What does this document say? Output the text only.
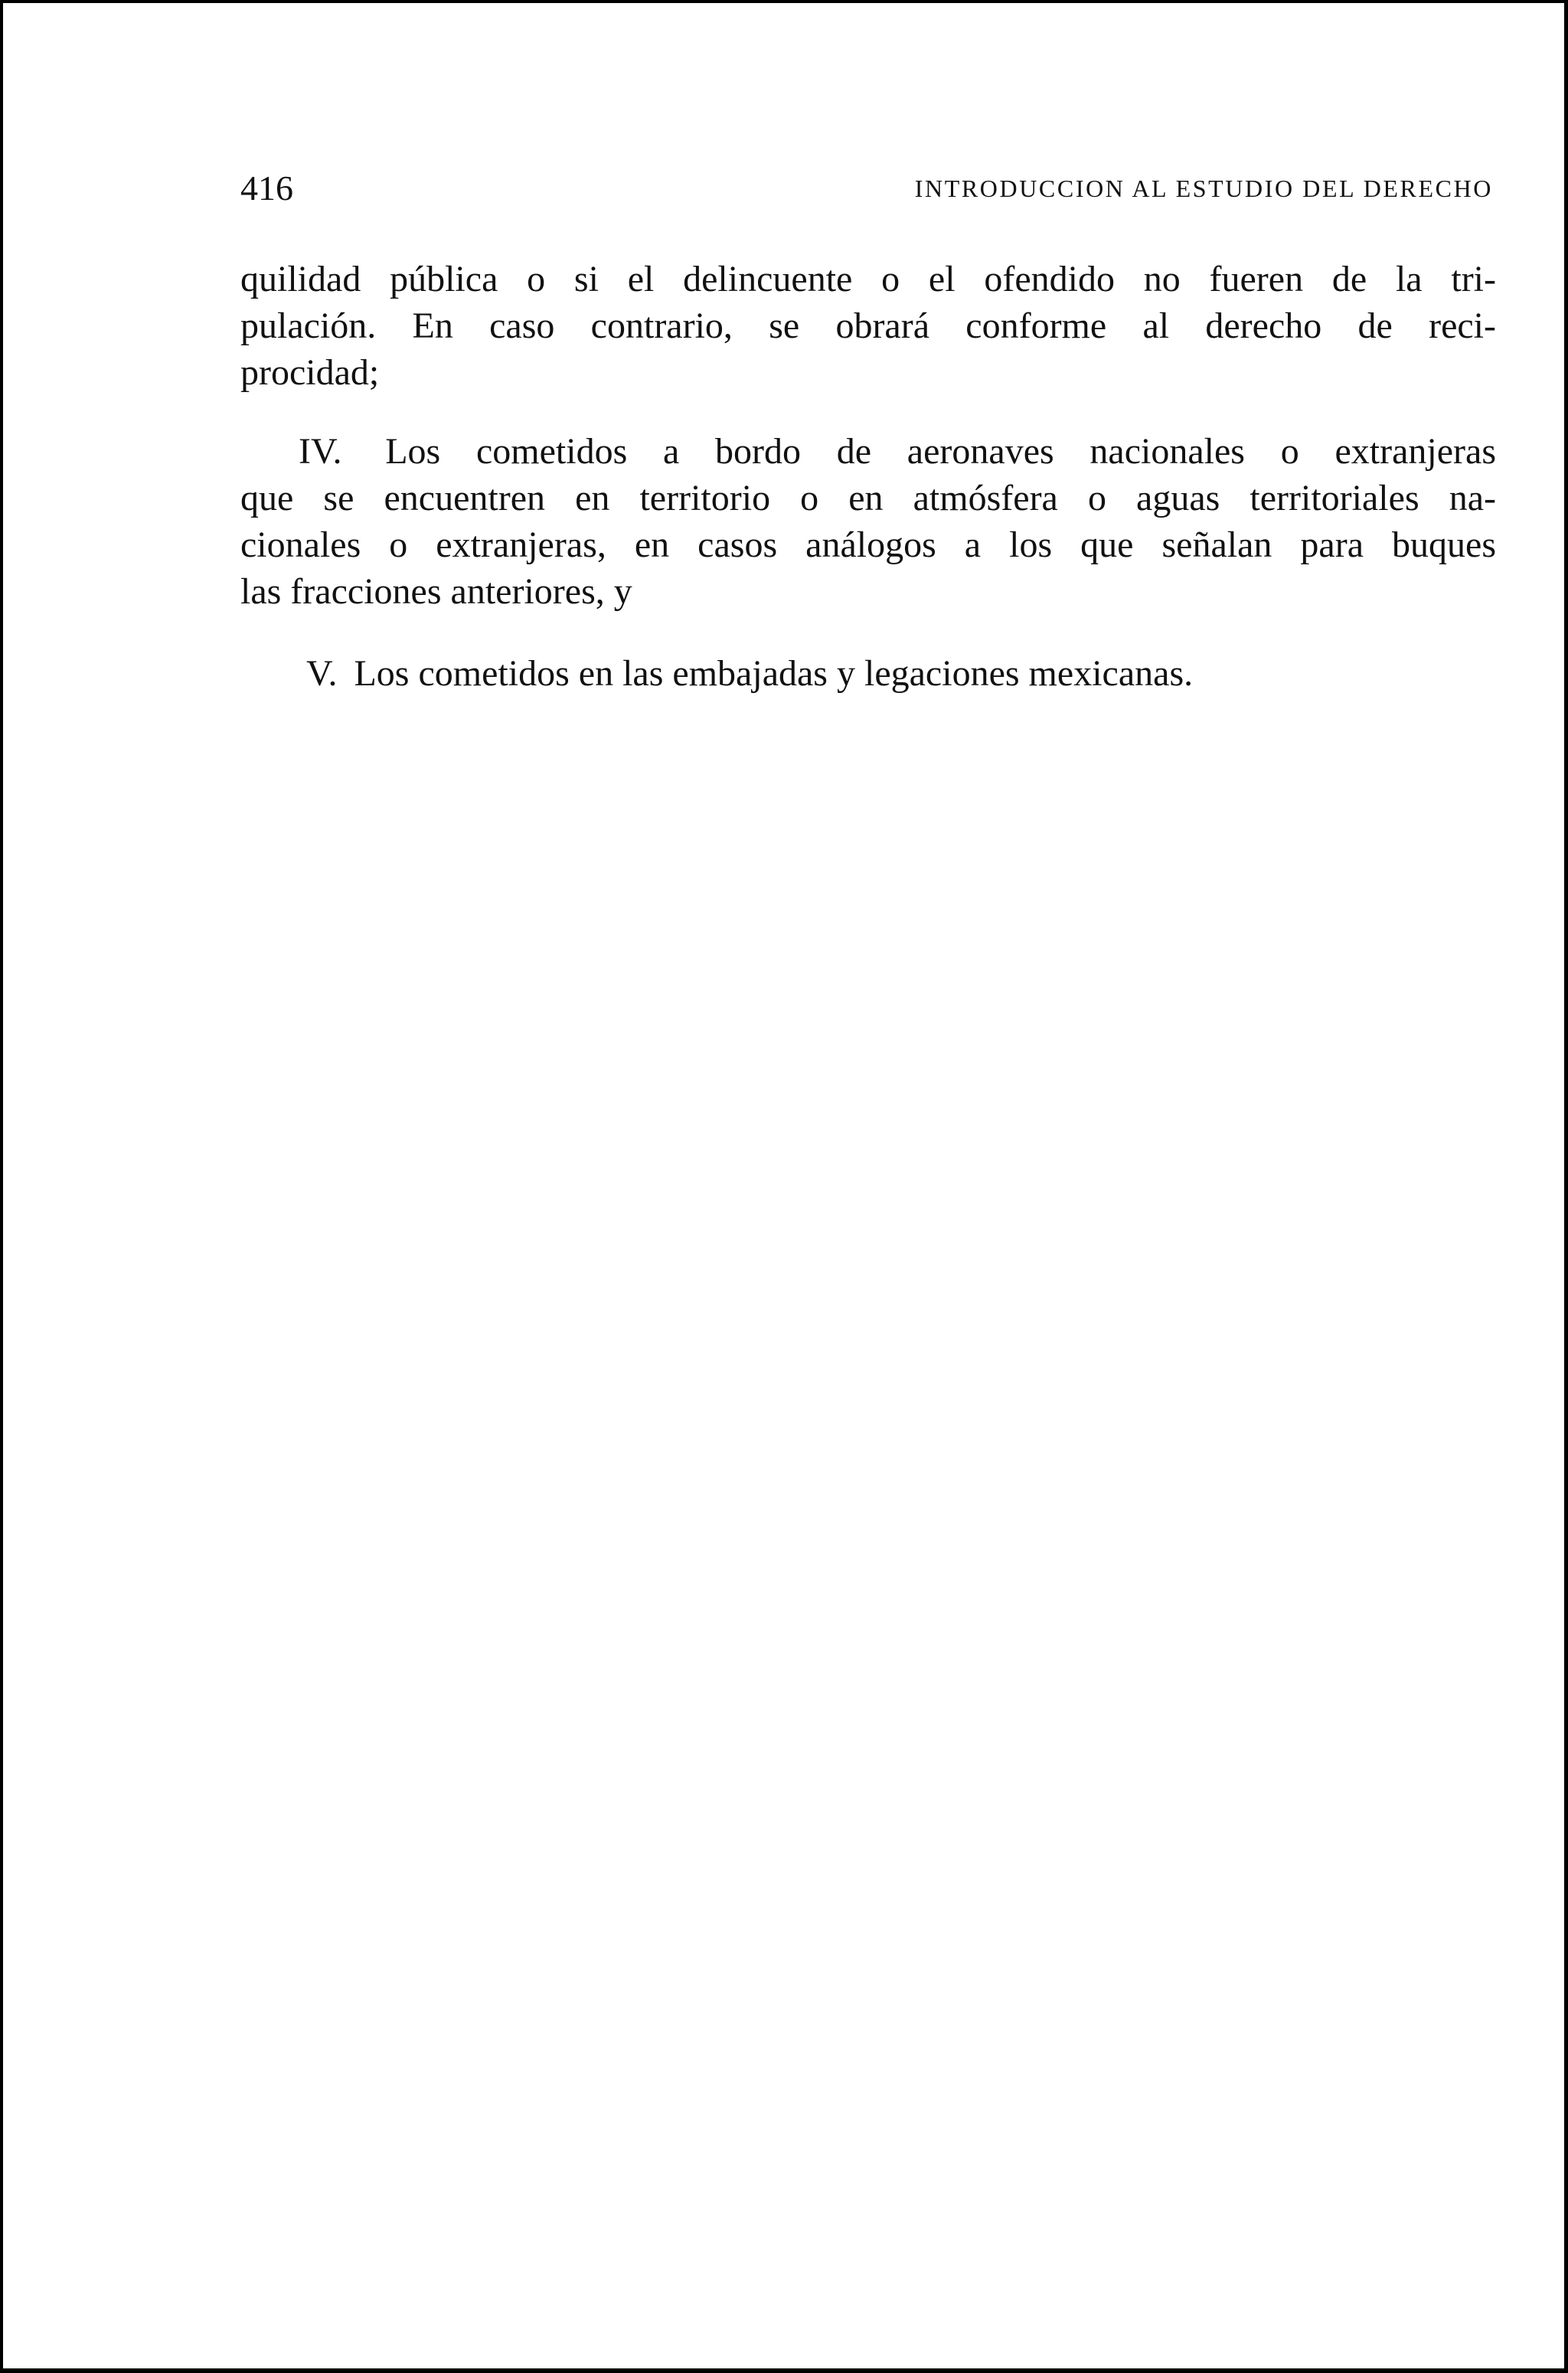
416	INTRODUCCION AL ESTUDIO DEL DERECHO
quilidad pública o si el delincuente o el ofendido no fueren de la tri-
pulación. En caso contrario, se obrará conforme al derecho de reci-
procidad;
IV. Los cometidos a bordo de aeronaves nacionales o extranjeras
que se encuentren en territorio o en atmósfera o aguas territoriales na-
cionales o extranjeras, en casos análogos a los que señalan para buques
las fracciones anteriores, y
V. Los cometidos en las embajadas y legaciones mexicanas.
